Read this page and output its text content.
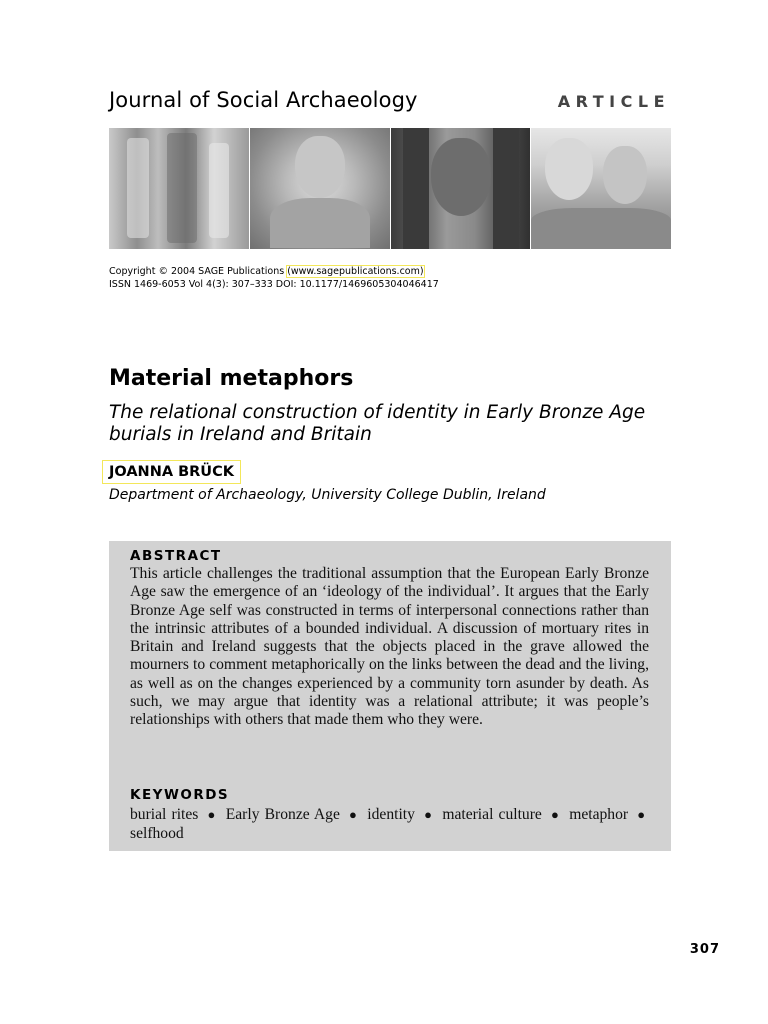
Journal of Social Archaeology	ARTICLE
Copyright © 2004 SAGE Publications (www.sagepublications.com)
ISSN 1469-6053 Vol 4(3): 307–333 DOI: 10.1177/1469605304046417
Material metaphors
The relational construction of identity in Early Bronze Age burials in Ireland and Britain
JOANNA BRÜCK
Department of Archaeology, University College Dublin, Ireland
ABSTRACT
This article challenges the traditional assumption that the European Early Bronze Age saw the emergence of an ‘ideology of the individual’. It argues that the Early Bronze Age self was constructed in terms of interpersonal connections rather than the intrinsic attributes of a bounded individual. A discussion of mortuary rites in Britain and Ireland suggests that the objects placed in the grave allowed the mourners to comment metaphorically on the links between the dead and the living, as well as on the changes experienced by a community torn asunder by death. As such, we may argue that identity was a relational attribute; it was people’s relationships with others that made them who they were.
KEYWORDS
burial rites ● Early Bronze Age ● identity ● material culture ● metaphor ● selfhood
307
